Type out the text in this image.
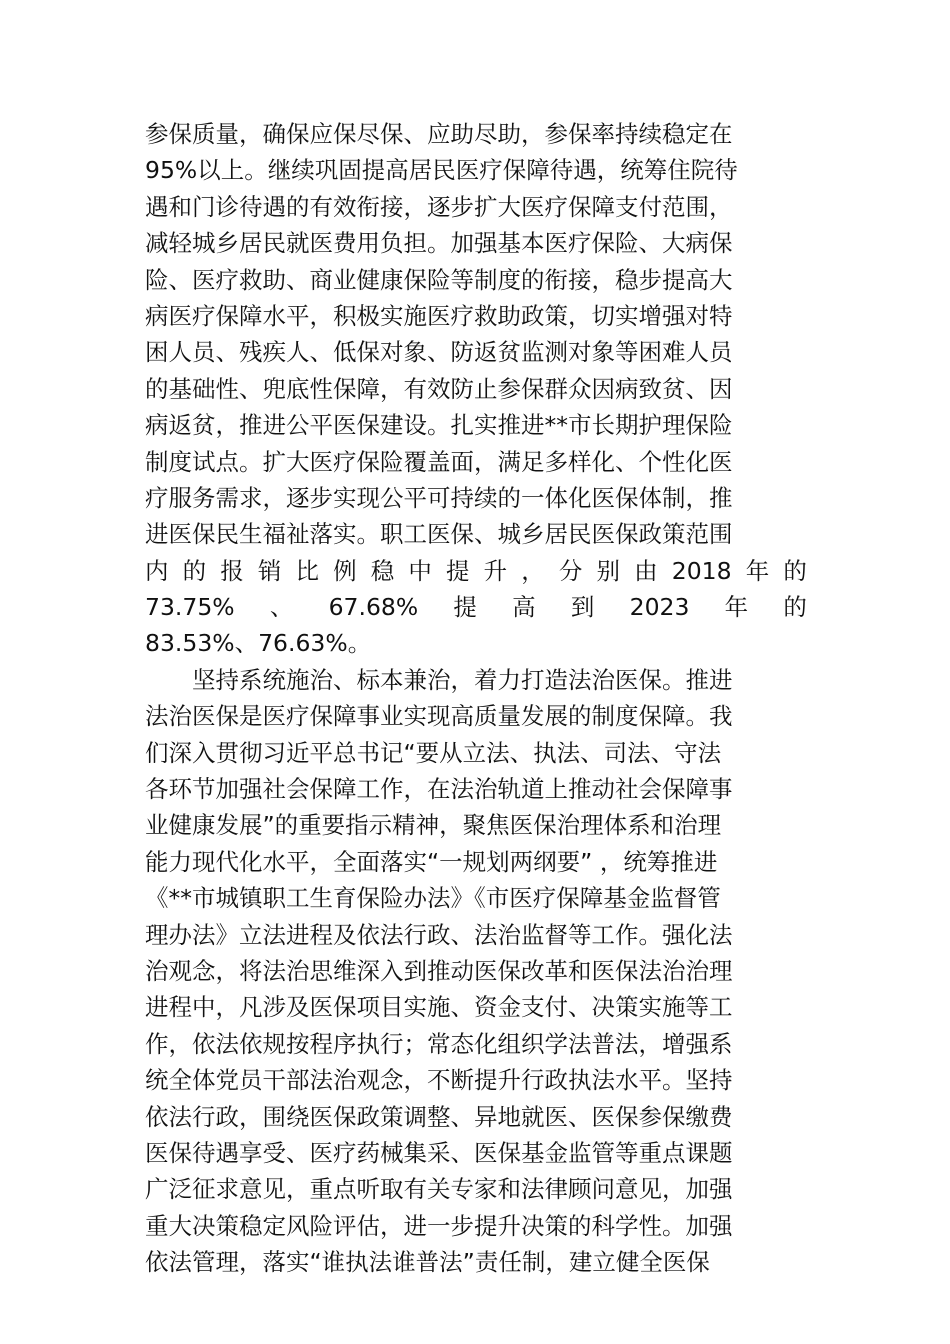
参保质量，确保应保尽保、应助尽助，参保率持续稳定在
95%以上。继续巩固提高居民医疗保障待遇，统筹住院待
遇和门诊待遇的有效衔接，逐步扩大医疗保障支付范围，
减轻城乡居民就医费用负担。加强基本医疗保险、大病保
险、医疗救助、商业健康保险等制度的衔接，稳步提高大
病医疗保障水平，积极实施医疗救助政策，切实增强对特
困人员、残疾人、低保对象、防返贫监测对象等困难人员
的基础性、兜底性保障，有效防止参保群众因病致贫、因
病返贫，推进公平医保建设。扎实推进**市长期护理保险
制度试点。扩大医疗保险覆盖面，满足多样化、个性化医
疗服务需求，逐步实现公平可持续的一体化医保体制，推
进医保民生福祉落实。职工医保、城乡居民医保政策范围
内 的 报 销 比 例 稳 中 提 升 ， 分 别 由 2018 年 的
73.75% 、 67.68% 提 高 到 2023 年 的
83.53%、76.63%。
坚持系统施治、标本兼治，着力打造法治医保。推进
法治医保是医疗保障事业实现高质量发展的制度保障。我
们深入贯彻习近平总书记“要从立法、执法、司法、守法
各环节加强社会保障工作，在法治轨道上推动社会保障事
业健康发展”的重要指示精神，聚焦医保治理体系和治理
能力现代化水平，全面落实“一规划两纲要” ，统筹推进
《**市城镇职工生育保险办法》《市医疗保障基金监督管
理办法》立法进程及依法行政、法治监督等工作。强化法
治观念，将法治思维深入到推动医保改革和医保法治治理
进程中，凡涉及医保项目实施、资金支付、决策实施等工
作，依法依规按程序执行；常态化组织学法普法，增强系
统全体党员干部法治观念，不断提升行政执法水平。坚持
依法行政，围绕医保政策调整、异地就医、医保参保缴费
医保待遇享受、医疗药械集采、医保基金监管等重点课题
广泛征求意见，重点听取有关专家和法律顾问意见，加强
重大决策稳定风险评估，进一步提升决策的科学性。加强
依法管理，落实“谁执法谁普法”责任制，建立健全医保
